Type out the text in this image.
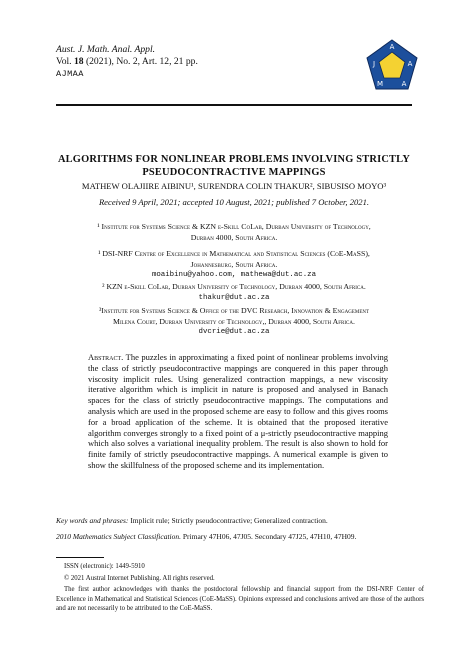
Aust. J. Math. Anal. Appl.
Vol. 18 (2021), No. 2, Art. 12, 21 pp.
AJMAA
A
J	A
M	A
ALGORITHMS FOR NONLINEAR PROBLEMS INVOLVING STRICTLY
PSEUDOCONTRACTIVE MAPPINGS
MATHEW OLAJIIRE AIBINU¹, SURENDRA COLIN THAKUR², SIBUSISO MOYO³
Received 9 April, 2021; accepted 10 August, 2021; published 7 October, 2021.
¹ Institute for Systems Science & KZN e-Skill CoLab, Durban University of Technology,
Durban 4000, South Africa.
¹ DSI-NRF Centre of Excellence in Mathematical and Statistical Sciences (CoE-MaSS),
Johannesburg, South Africa.
moaibinu@yahoo.com, mathewa@dut.ac.za
² KZN e-Skill CoLab, Durban University of Technology, Durban 4000, South Africa.
thakur@dut.ac.za
³Institute for Systems Science & Office of the DVC Research, Innovation & Engagement
Milena Court, Durban University of Technology,, Durban 4000, South Africa.
dvcrie@dut.ac.za
Abstract. The puzzles in approximating a fixed point of nonlinear problems involving the class of strictly pseudocontractive mappings are conquered in this paper through viscosity implicit rules. Using generalized contraction mappings, a new viscosity iterative algorithm which is implicit in nature is proposed and analysed in Banach spaces for the class of strictly pseudocontractive mappings. The computations and analysis which are used in the proposed scheme are easy to follow and this gives rooms for a broad application of the scheme. It is obtained that the proposed iterative algorithm converges strongly to a fixed point of a μ-strictly pseudocontractive mapping which also solves a variational inequality problem. The result is also shown to hold for finite family of strictly pseudocontractive mappings. A numerical example is given to show the skillfulness of the proposed scheme and its implementation.
Key words and phrases: Implicit rule; Strictly pseudocontractive; Generalized contraction.
2010 Mathematics Subject Classification. Primary 47H06, 47J05. Secondary 47J25, 47H10, 47H09.
ISSN (electronic): 1449-5910
© 2021 Austral Internet Publishing. All rights reserved.
The first author acknowledges with thanks the postdoctoral fellowship and financial support from the DSI-NRF Center of Excellence in Mathematical and Statistical Sciences (CoE-MaSS). Opinions expressed and conclusions arrived are those of the authors and are not necessarily to be attributed to the CoE-MaSS.
